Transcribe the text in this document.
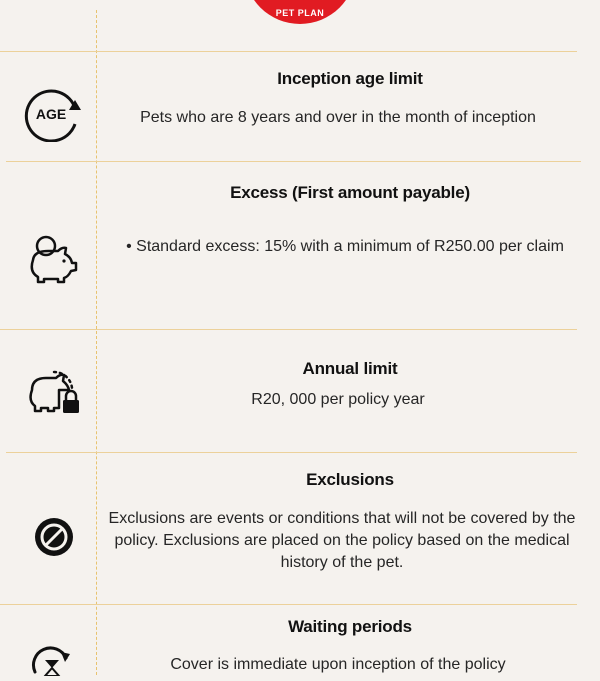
PET PLAN
AGE
Inception age limit
Pets who are 8 years and over in the month of inception
Excess (First amount payable)
• Standard excess: 15% with a minimum of R250.00 per claim
Annual limit
R20, 000 per policy year
Exclusions
Exclusions are events or conditions that will not be covered by the policy. Exclusions are placed on the policy based on the medical history of the pet.
Waiting periods
Cover is immediate upon inception of the policy
